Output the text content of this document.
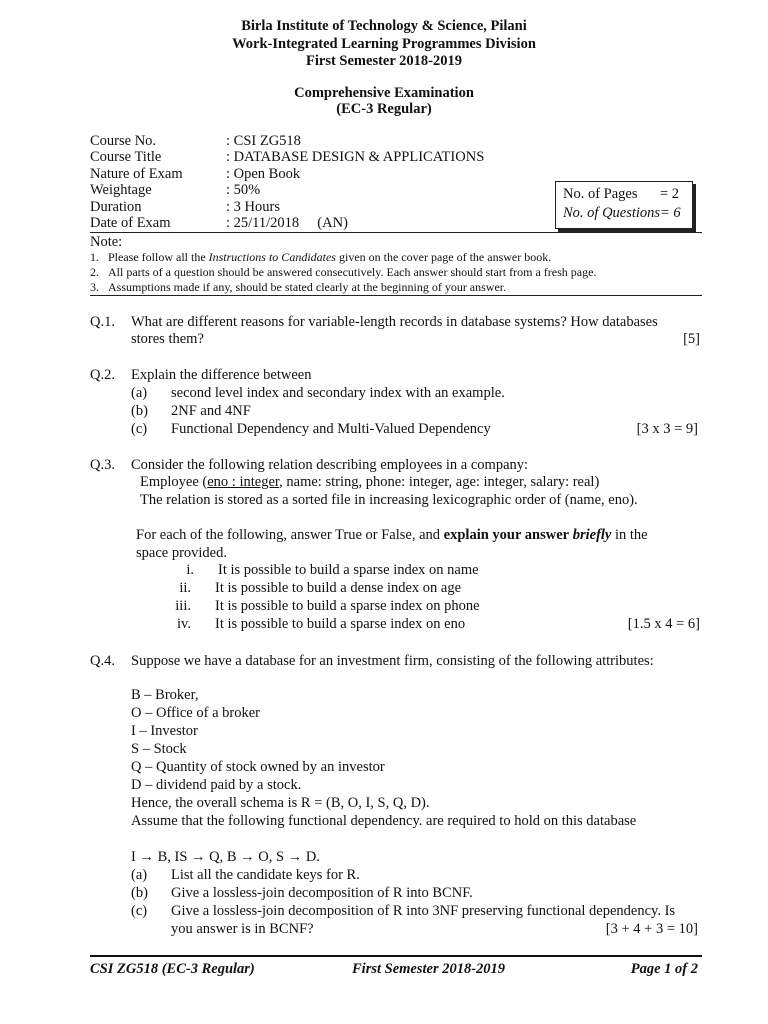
Birla Institute of Technology & Science, Pilani
Work-Integrated Learning Programmes Division
First Semester 2018-2019
Comprehensive Examination
(EC-3 Regular)
Course No.	: CSI ZG518
Course Title	: DATABASE DESIGN & APPLICATIONS
Nature of Exam	: Open Book
Weightage	: 50%
Duration	: 3 Hours
Date of Exam	: 25/11/2018     (AN)
No. of Pages = 2
No. of Questions = 6
Note:
1. Please follow all the Instructions to Candidates given on the cover page of the answer book.
2. All parts of a question should be answered consecutively. Each answer should start from a fresh page.
3. Assumptions made if any, should be stated clearly at the beginning of your answer.
Q.1. What are different reasons for variable-length records in database systems? How databases
stores them?	[5]
Q.2. Explain the difference between
(a) second level index and secondary index with an example.
(b) 2NF and 4NF
(c) Functional Dependency and Multi-Valued Dependency	[3 x 3 = 9]
Q.3. Consider the following relation describing employees in a company:
Employee (eno : integer, name: string, phone: integer, age: integer, salary: real)
The relation is stored as a sorted file in increasing lexicographic order of (name, eno).
For each of the following, answer True or False, and explain your answer briefly in the
space provided.
i. It is possible to build a sparse index on name
ii. It is possible to build a dense index on age
iii. It is possible to build a sparse index on phone
iv. It is possible to build a sparse index on eno	[1.5 x 4 = 6]
Q.4. Suppose we have a database for an investment firm, consisting of the following attributes:
B – Broker,
O – Office of a broker
I – Investor
S – Stock
Q – Quantity of stock owned by an investor
D – dividend paid by a stock.
Hence, the overall schema is R = (B, O, I, S, Q, D).
Assume that the following functional dependency. are required to hold on this database
I → B, IS → Q, B → O, S → D.
(a) List all the candidate keys for R.
(b) Give a lossless-join decomposition of R into BCNF.
(c) Give a lossless-join decomposition of R into 3NF preserving functional dependency. Is
you answer is in BCNF?	[3 + 4 + 3 = 10]
CSI ZG518 (EC-3 Regular)	First Semester 2018-2019	Page 1 of 2
